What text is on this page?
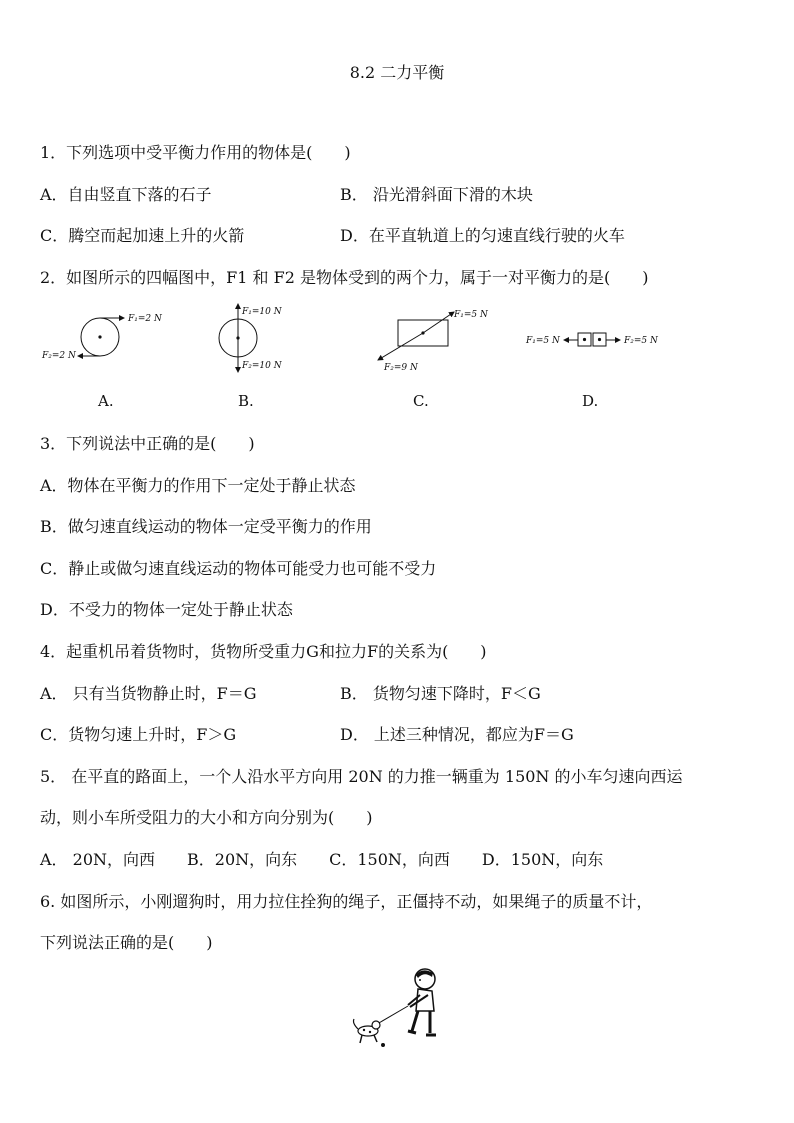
8.2 二力平衡
1．下列选项中受平衡力作用的物体是(　　)
A．自由竖直下落的石子	B． 沿光滑斜面下滑的木块
C．腾空而起加速上升的火箭	D．在平直轨道上的匀速直线行驶的火车
2．如图所示的四幅图中，F1 和 F2 是物体受到的两个力，属于一对平衡力的是(　　)
F₁=2 N
F₂=2 N
F₁=10 N
F₂=10 N
F₁=5 N
F₂=9 N
F₁=5 N	F₂=5 N
A.	B.	C.	D.
3．下列说法中正确的是(　　)
A．物体在平衡力的作用下一定处于静止状态
B．做匀速直线运动的物体一定受平衡力的作用
C．静止或做匀速直线运动的物体可能受力也可能不受力
D．不受力的物体一定处于静止状态
4．起重机吊着货物时，货物所受重力G和拉力F的关系为(　　)
A． 只有当货物静止时，F＝G	B． 货物匀速下降时，F＜G
C．货物匀速上升时，F＞G	D． 上述三种情况，都应为F＝G
5． 在平直的路面上，一个人沿水平方向用 20N 的力推一辆重为 150N 的小车匀速向西运
动，则小车所受阻力的大小和方向分别为(　　)
A． 20N，向西　　B．20N，向东　　C．150N，向西　　D．150N，向东
6. 如图所示，小刚遛狗时，用力拉住拴狗的绳子，正僵持不动，如果绳子的质量不计，
下列说法正确的是(　　)
